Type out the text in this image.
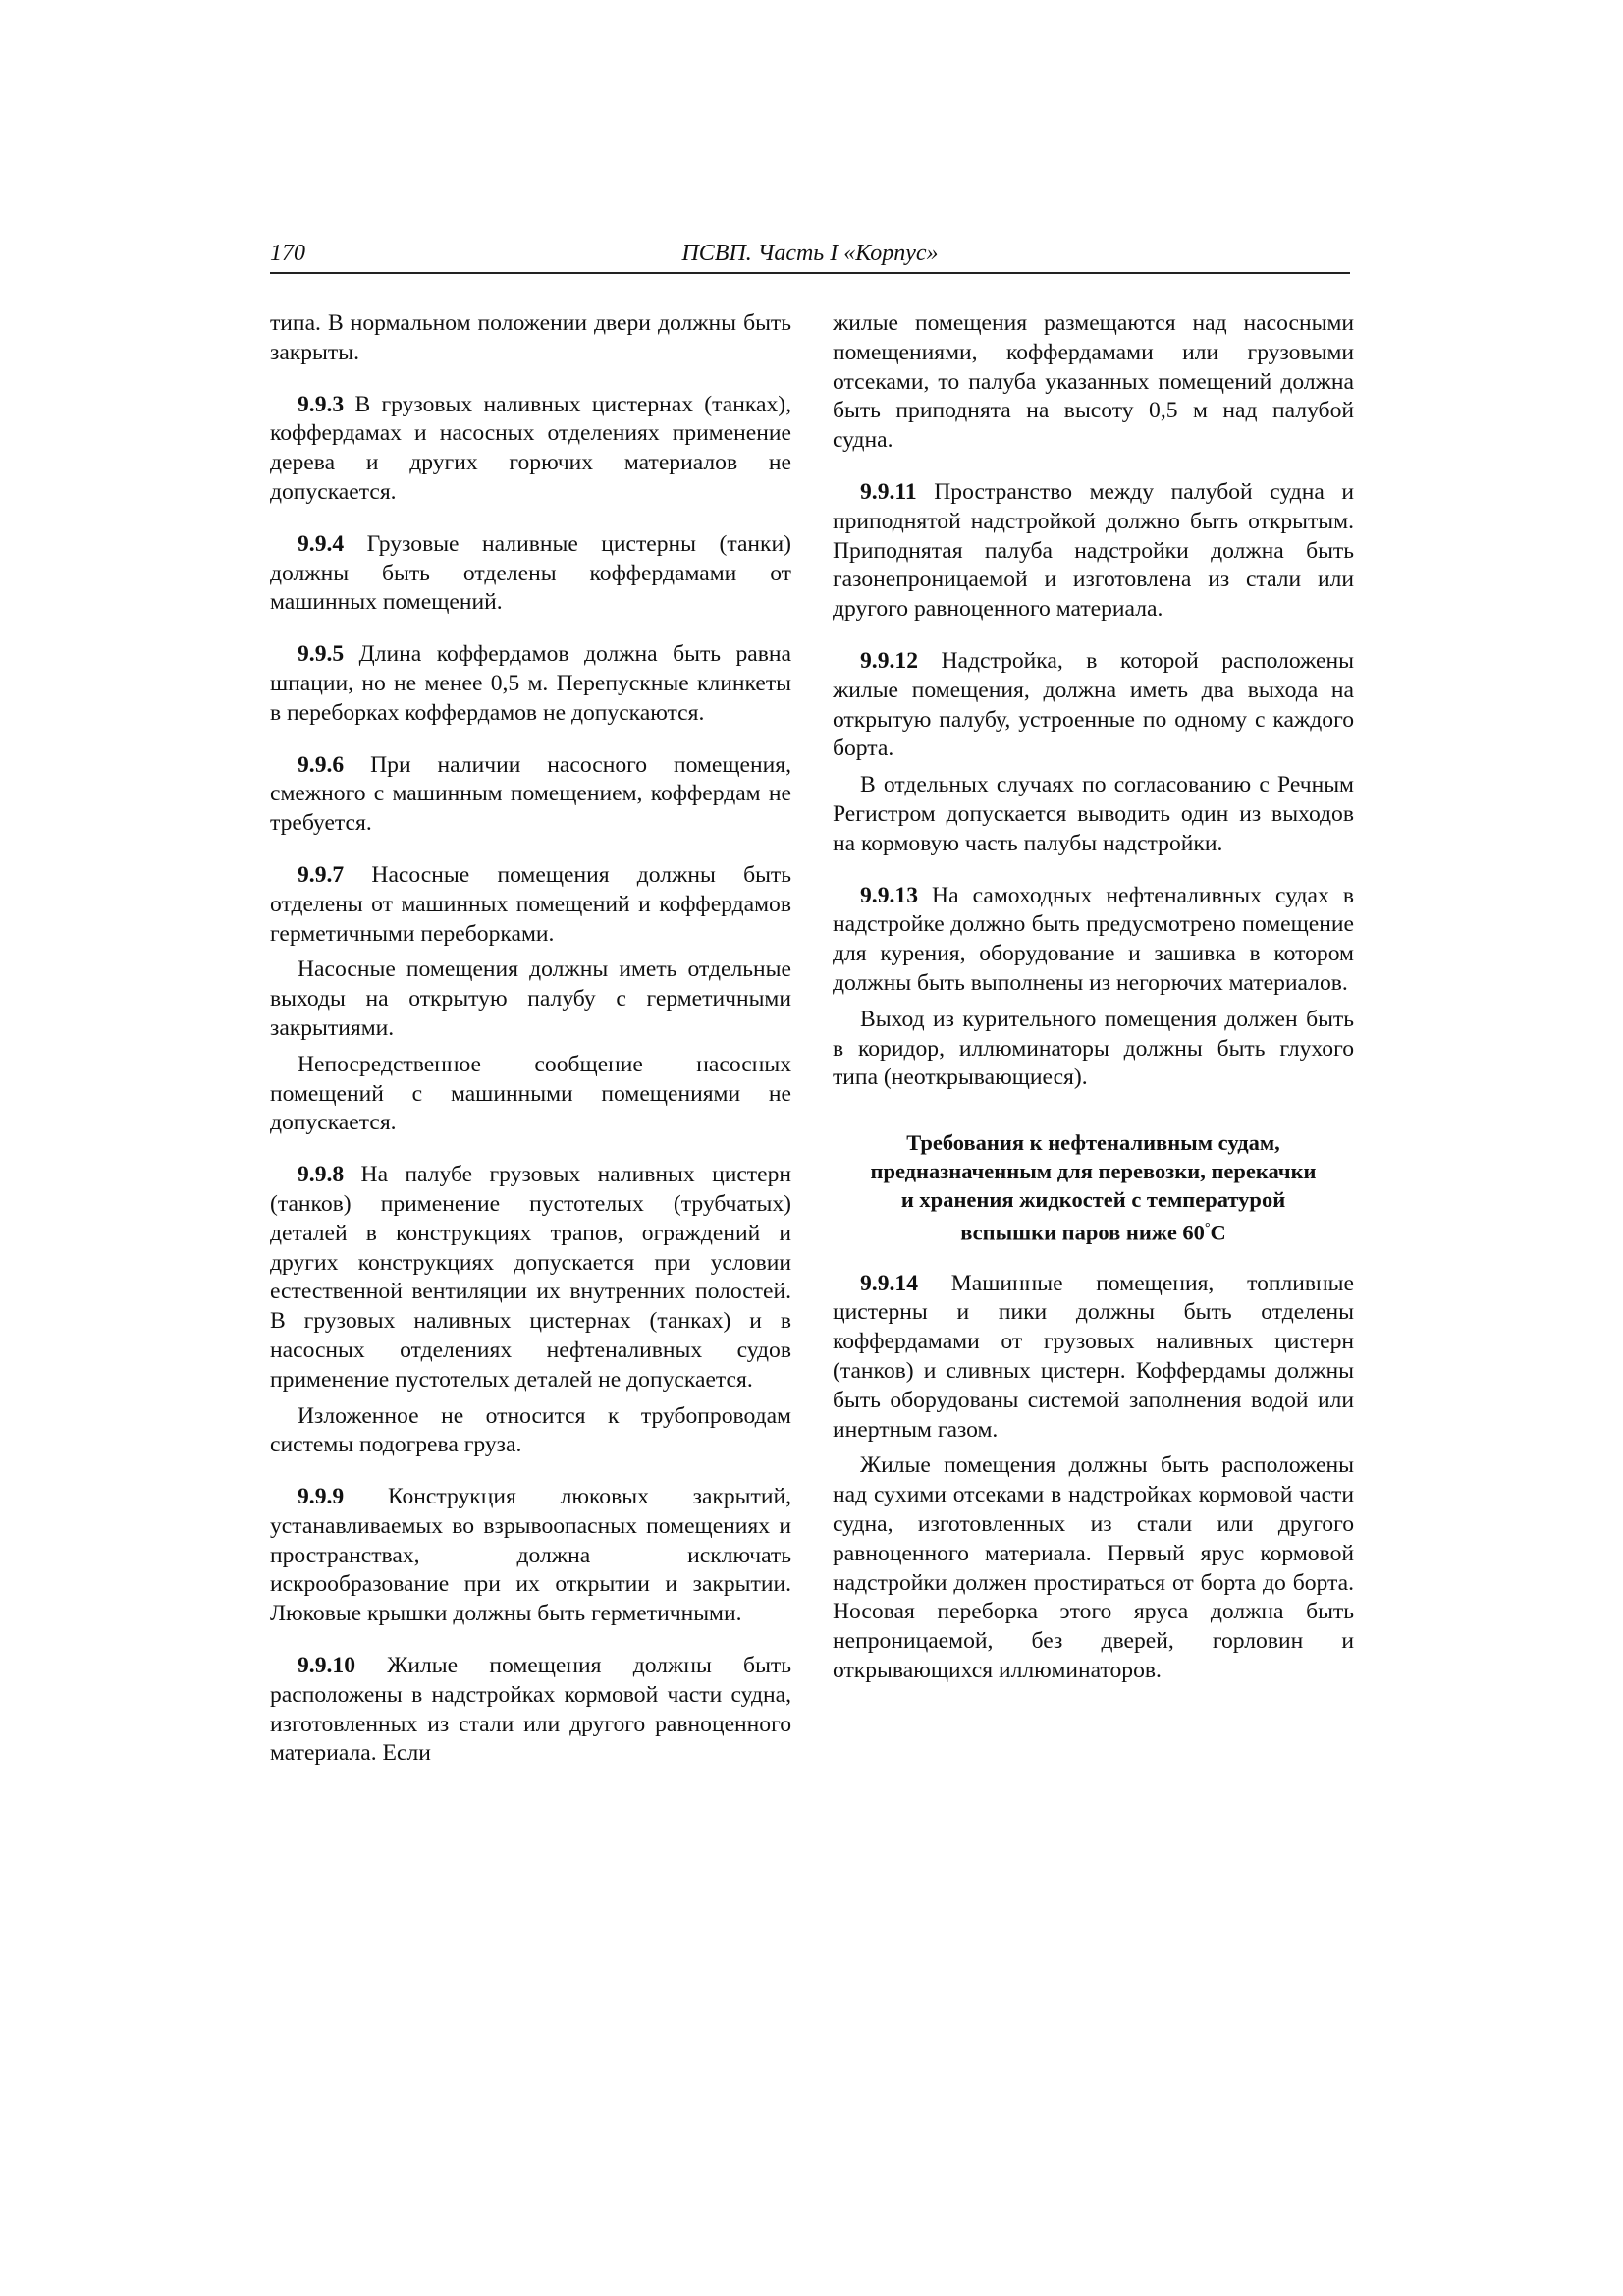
170	ПСВП. Часть I «Корпус»

типа. В нормальном положении двери должны быть закрыты.

9.9.3 В грузовых наливных цистернах (танках), коффердамах и насосных отделениях применение дерева и других горючих материалов не допускается.

9.9.4 Грузовые наливные цистерны (танки) должны быть отделены коффердамами от машинных помещений.

9.9.5 Длина коффердамов должна быть равна шпации, но не менее 0,5 м. Перепускные клинкеты в переборках коффердамов не допускаются.

9.9.6 При наличии насосного помещения, смежного с машинным помещением, коффердам не требуется.

9.9.7 Насосные помещения должны быть отделены от машинных помещений и коффердамов герметичными переборками.

Насосные помещения должны иметь отдельные выходы на открытую палубу с герметичными закрытиями.

Непосредственное сообщение насосных помещений с машинными помещениями не допускается.

9.9.8 На палубе грузовых наливных цистерн (танков) применение пустотелых (трубчатых) деталей в конструкциях трапов, ограждений и других конструкциях допускается при условии естественной вентиляции их внутренних полостей. В грузовых наливных цистернах (танках) и в насосных отделениях нефтеналивных судов применение пустотелых деталей не допускается.

Изложенное не относится к трубопроводам системы подогрева груза.

9.9.9 Конструкция люковых закрытий, устанавливаемых во взрывоопасных помещениях и пространствах, должна исключать искрообразование при их открытии и закрытии. Люковые крышки должны быть герметичными.

9.9.10 Жилые помещения должны быть расположены в надстройках кормовой части судна, изготовленных из стали или другого равноценного материала. Если

жилые помещения размещаются над насосными помещениями, коффердамами или грузовыми отсеками, то палуба указанных помещений должна быть приподнята на высоту 0,5 м над палубой судна.

9.9.11 Пространство между палубой судна и приподнятой надстройкой должно быть открытым. Приподнятая палуба надстройки должна быть газонепроницаемой и изготовлена из стали или другого равноценного материала.

9.9.12 Надстройка, в которой расположены жилые помещения, должна иметь два выхода на открытую палубу, устроенные по одному с каждого борта.

В отдельных случаях по согласованию с Речным Регистром допускается выводить один из выходов на кормовую часть палубы надстройки.

9.9.13 На самоходных нефтеналивных судах в надстройке должно быть предусмотрено помещение для курения, оборудование и зашивка в котором должны быть выполнены из негорючих материалов.

Выход из курительного помещения должен быть в коридор, иллюминаторы должны быть глухого типа (неоткрывающиеся).

Требования к нефтеналивным судам,
предназначенным для перевозки, перекачки
и хранения жидкостей с температурой
вспышки паров ниже 60°С

9.9.14 Машинные помещения, топливные цистерны и пики должны быть отделены коффердамами от грузовых наливных цистерн (танков) и сливных цистерн. Коффердамы должны быть оборудованы системой заполнения водой или инертным газом.

Жилые помещения должны быть расположены над сухими отсеками в надстройках кормовой части судна, изготовленных из стали или другого равноценного материала. Первый ярус кормовой надстройки должен простираться от борта до борта. Носовая переборка этого яруса должна быть непроницаемой, без дверей, горловин и открывающихся иллюминаторов.
